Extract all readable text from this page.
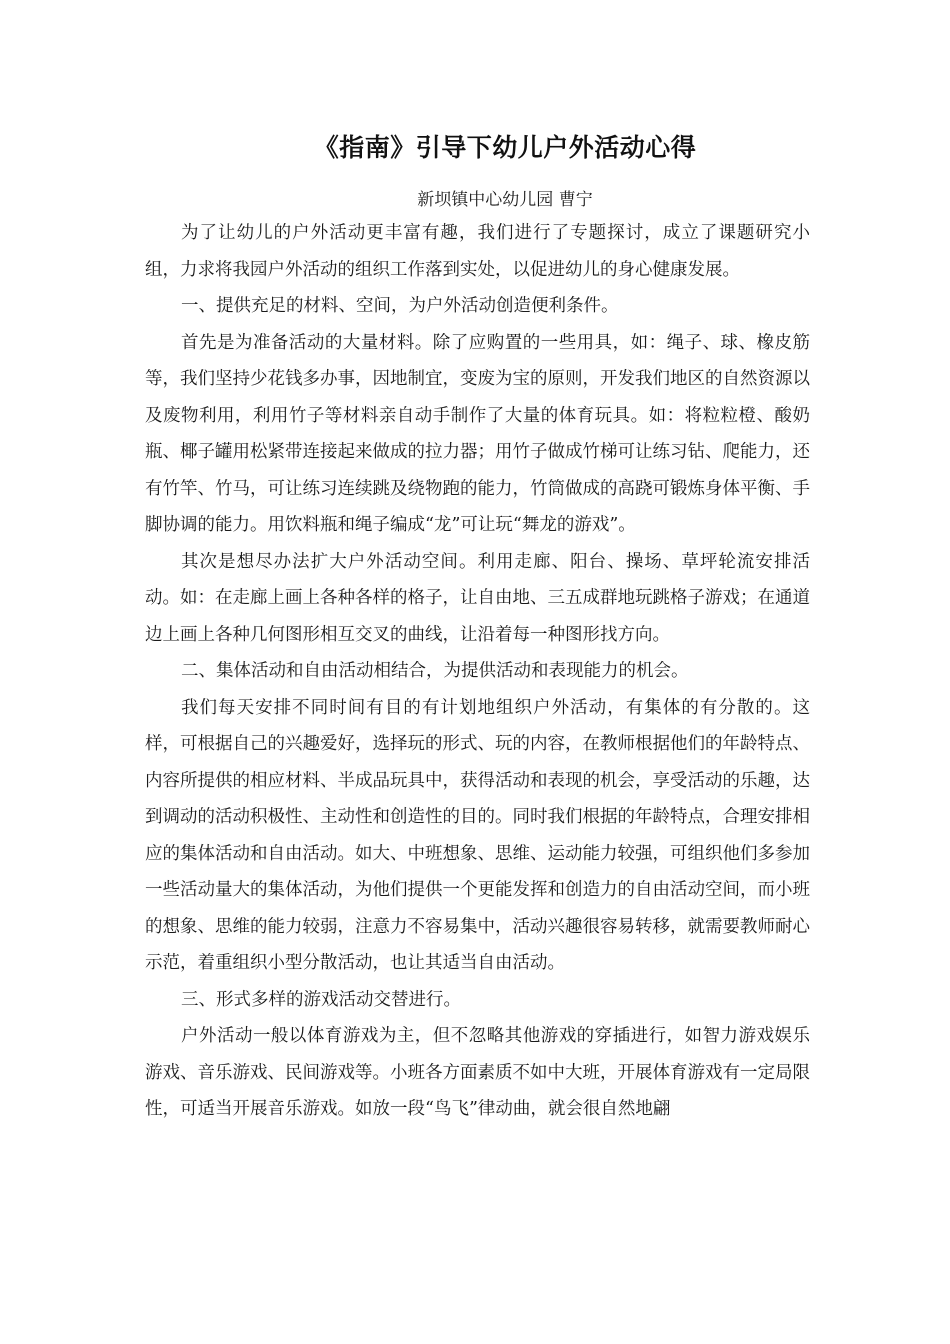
《指南》引导下幼儿户外活动心得
新坝镇中心幼儿园 曹宁

为了让幼儿的户外活动更丰富有趣，我们进行了专题探讨，成立了课题研究小组，力求将我园户外活动的组织工作落到实处，以促进幼儿的身心健康发展。

一、提供充足的材料、空间，为户外活动创造便利条件。

首先是为准备活动的大量材料。除了应购置的一些用具，如：绳子、球、橡皮筋等，我们坚持少花钱多办事，因地制宜，变废为宝的原则，开发我们地区的自然资源以及废物利用，利用竹子等材料亲自动手制作了大量的体育玩具。如：将粒粒橙、酸奶瓶、椰子罐用松紧带连接起来做成的拉力器；用竹子做成竹梯可让练习钻、爬能力，还有竹竿、竹马，可让练习连续跳及绕物跑的能力，竹筒做成的高跷可锻炼身体平衡、手脚协调的能力。用饮料瓶和绳子编成“龙”可让玩“舞龙的游戏”。

其次是想尽办法扩大户外活动空间。利用走廊、阳台、操场、草坪轮流安排活动。如：在走廊上画上各种各样的格子，让自由地、三五成群地玩跳格子游戏；在通道边上画上各种几何图形相互交叉的曲线，让沿着每一种图形找方向。

二、集体活动和自由活动相结合，为提供活动和表现能力的机会。

我们每天安排不同时间有目的有计划地组织户外活动，有集体的有分散的。这样，可根据自己的兴趣爱好，选择玩的形式、玩的内容，在教师根据他们的年龄特点、内容所提供的相应材料、半成品玩具中，获得活动和表现的机会，享受活动的乐趣，达到调动的活动积极性、主动性和创造性的目的。同时我们根据的年龄特点，合理安排相应的集体活动和自由活动。如大、中班想象、思维、运动能力较强，可组织他们多参加一些活动量大的集体活动，为他们提供一个更能发挥和创造力的自由活动空间，而小班的想象、思维的能力较弱，注意力不容易集中，活动兴趣很容易转移，就需要教师耐心示范，着重组织小型分散活动，也让其适当自由活动。

三、形式多样的游戏活动交替进行。

户外活动一般以体育游戏为主，但不忽略其他游戏的穿插进行，如智力游戏娱乐游戏、音乐游戏、民间游戏等。小班各方面素质不如中大班，开展体育游戏有一定局限性，可适当开展音乐游戏。如放一段“鸟飞”律动曲，就会很自然地翩
